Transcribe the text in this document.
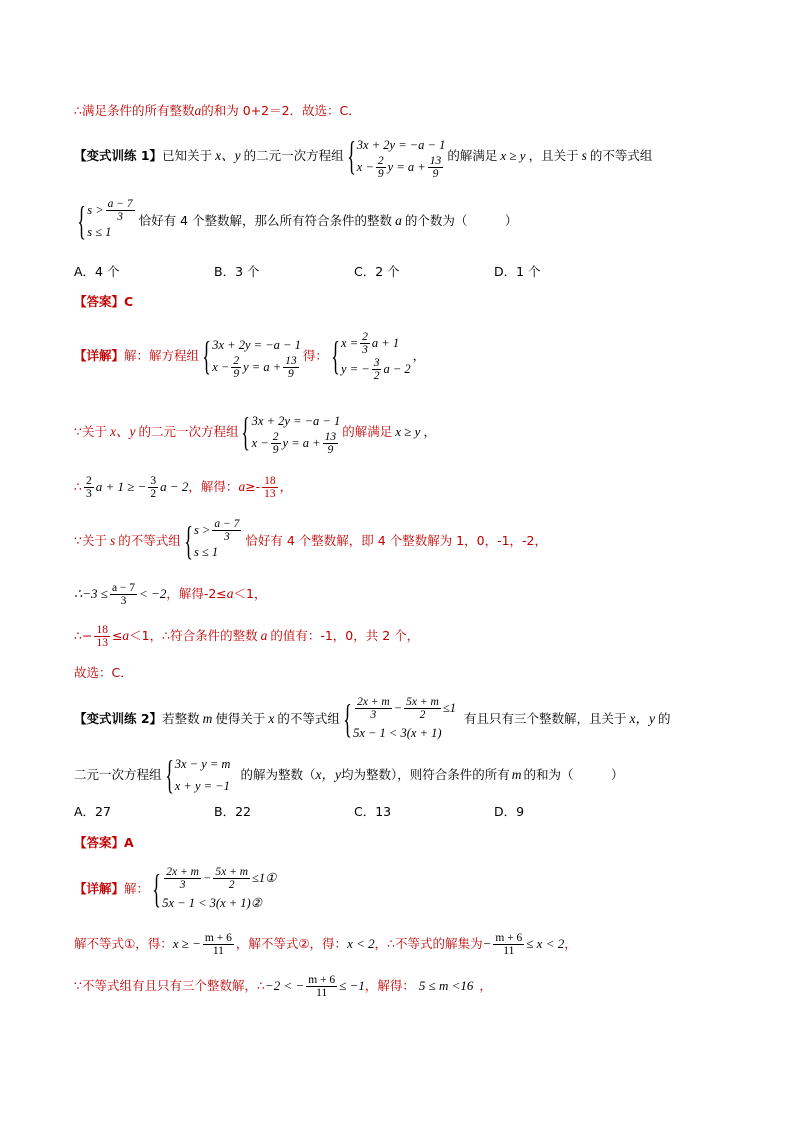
∴满足条件的所有整数a的和为 0+2＝2．故选：C．
【变式训练 1】 已知关于 x、y 的二元一次方程组 { 3x + 2y = −a − 1
$x - \frac{2}{9}$ $y = a + \frac{13}{9}$ 的解满足 x ≥ y ，且关于 s 的不等式组
{ $s > \frac{a - 7}{3}$
s ≤ 1
恰好有 4 个整数解，那么所有符合条件的整数 a 的个数为（　　　）
A．4 个	B．3 个	C．2 个	D．1 个
【答案】C
【详解】 解：解方程组 { 3x + 2y = −a − 1
$x - \frac{2}{9}$ $y = a + \frac{13}{9}$ 得： { $x = \frac{2}{3}$ a + 1
y = − $\frac{3}{2}$ a − 2
，
∵关于 x、y 的二元一次方程组 { 3x + 2y = −a − 1
$x - \frac{2}{9}$ $y = a + \frac{13}{9}$ 的解满足 x ≥ y ，
∴ $\frac{2}{3}$ a + 1 ≥ − $\frac{3}{2}$ a − 2 ，解得： $a \ge- \frac{18}{13}$ ，
∵关于 s 的不等式组 { $s > \frac{a - 7}{3}$
s ≤ 1
恰好有 4 个整数解，即 4 个整数解为 1，0，-1，-2，
∴−3 ≤ $\frac{a - 7}{3} < -2$ ，解得-2≤ a ＜1，
∴− $\frac{18}{13} \le a <1$，∴符合条件的整数 a 的值有：-1，0，共 2 个，
故选：C．
【变式训练 2】 若整数 m 使得关于 x 的不等式组 { $\frac{2x + m}{3} - \frac{5x + m}{2} \le 1$
5x − 1 < 3(x + 1)
有且只有三个整数解，且关于 x，y 的
二元一次方程组 { 3x − y = m
x + y = −1
的解为整数（ x，y 均为整数），则符合条件的所有 m 的和为（　　　）
A．27	B．22	C．13	D．9
【答案】A
【详解】 解： { $\frac{2x + m}{3} - \frac{5x + m}{2}$ ≤1①
5x − 1 < 3(x + 1)②
解不等式①，得： x ≥ − $\frac{m + 6}{11}$ ，解不等式②，得： x < 2 ，∴不等式的解集为 − $\frac{m + 6}{11} \le x < 2$ ，
∵不等式组有且只有三个整数解，∴ −2 < − $\frac{m + 6}{11} \le -1$ ，解得： 5 ≤ m <16 ，
